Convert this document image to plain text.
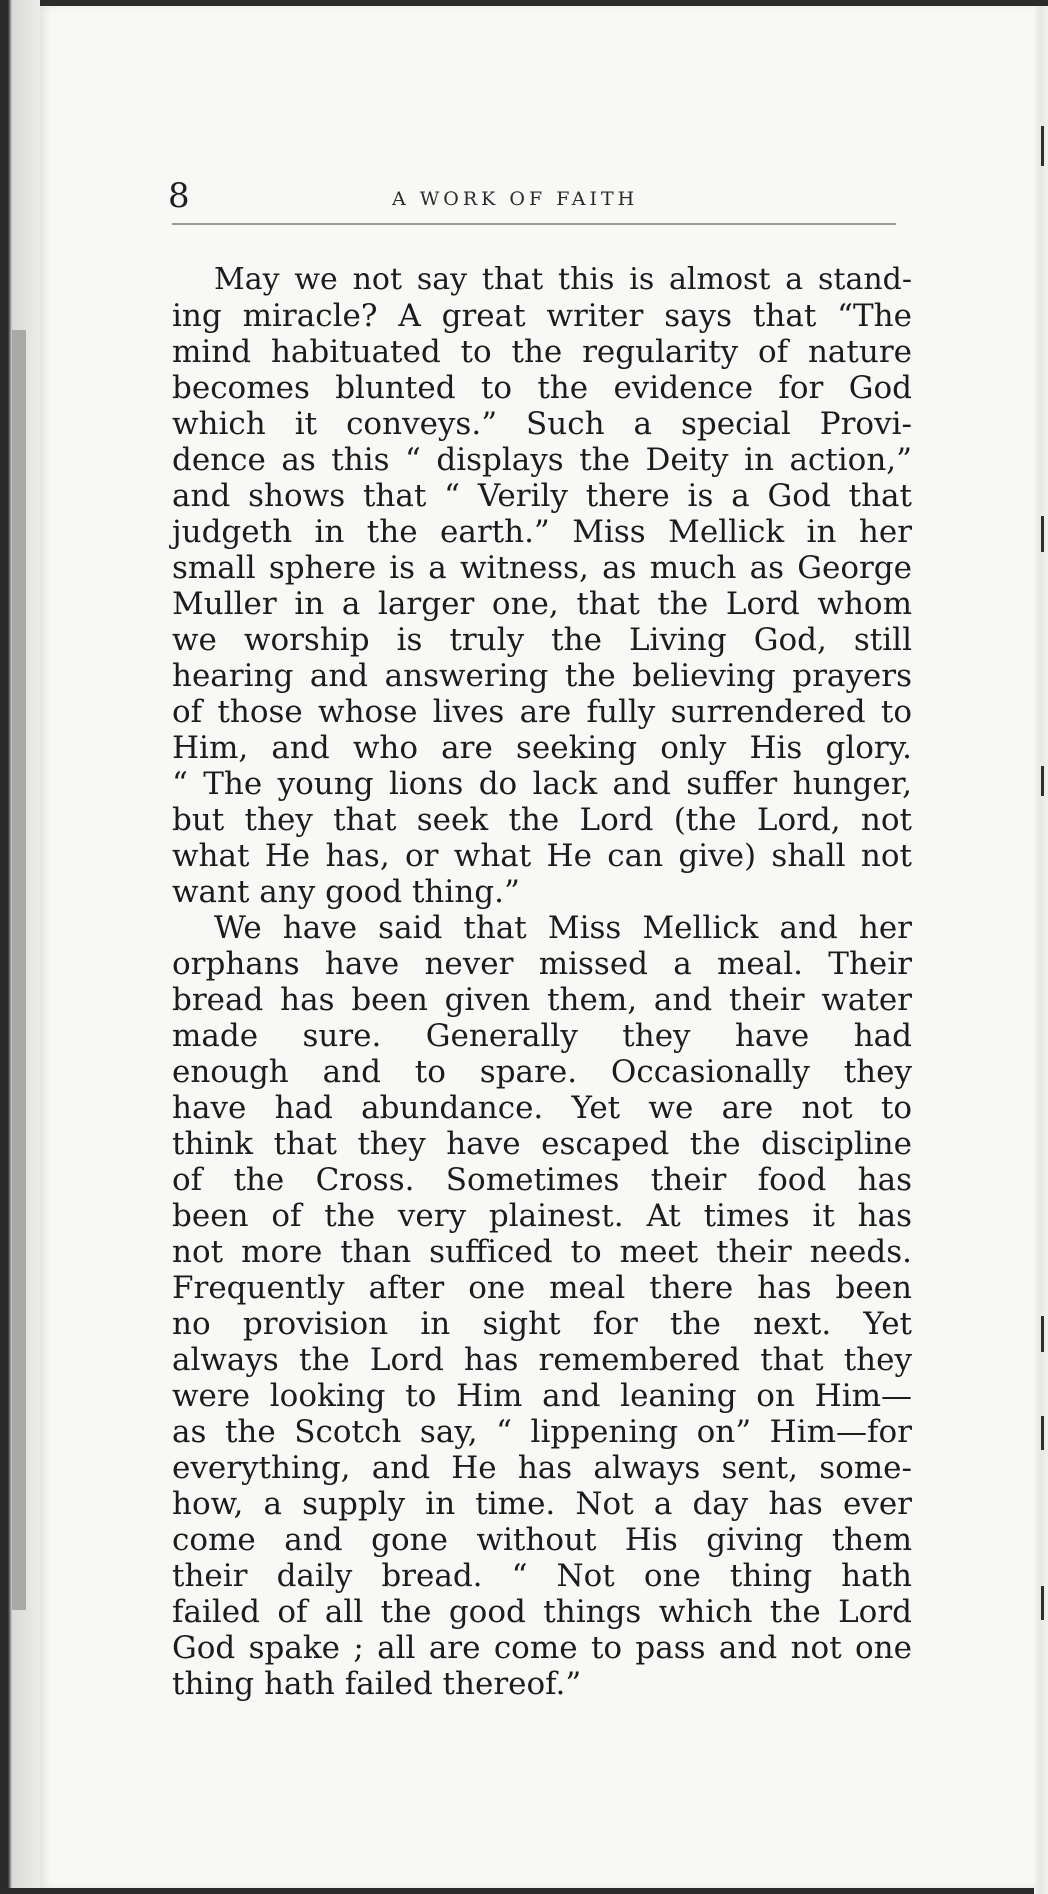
8	A WORK OF FAITH
May we not say that this is almost a stand-
ing miracle? A great writer says that “The
mind habituated to the regularity of nature
becomes blunted to the evidence for God
which it conveys.” Such a special Provi-
dence as this “ displays the Deity in action,”
and shows that “ Verily there is a God that
judgeth in the earth.” Miss Mellick in her
small sphere is a witness, as much as George
Muller in a larger one, that the Lord whom
we worship is truly the Living God, still
hearing and answering the believing prayers
of those whose lives are fully surrendered to
Him, and who are seeking only His glory.
“ The young lions do lack and suffer hunger,
but they that seek the Lord (the Lord, not
what He has, or what He can give) shall not
want any good thing.”
We have said that Miss Mellick and her
orphans have never missed a meal. Their
bread has been given them, and their water
made sure. Generally they have had
enough and to spare. Occasionally they
have had abundance. Yet we are not to
think that they have escaped the discipline
of the Cross. Sometimes their food has
been of the very plainest. At times it has
not more than sufficed to meet their needs.
Frequently after one meal there has been
no provision in sight for the next. Yet
always the Lord has remembered that they
were looking to Him and leaning on Him—
as the Scotch say, “ lippening on” Him—for
everything, and He has always sent, some-
how, a supply in time. Not a day has ever
come and gone without His giving them
their daily bread. “ Not one thing hath
failed of all the good things which the Lord
God spake ; all are come to pass and not one
thing hath failed thereof.”
